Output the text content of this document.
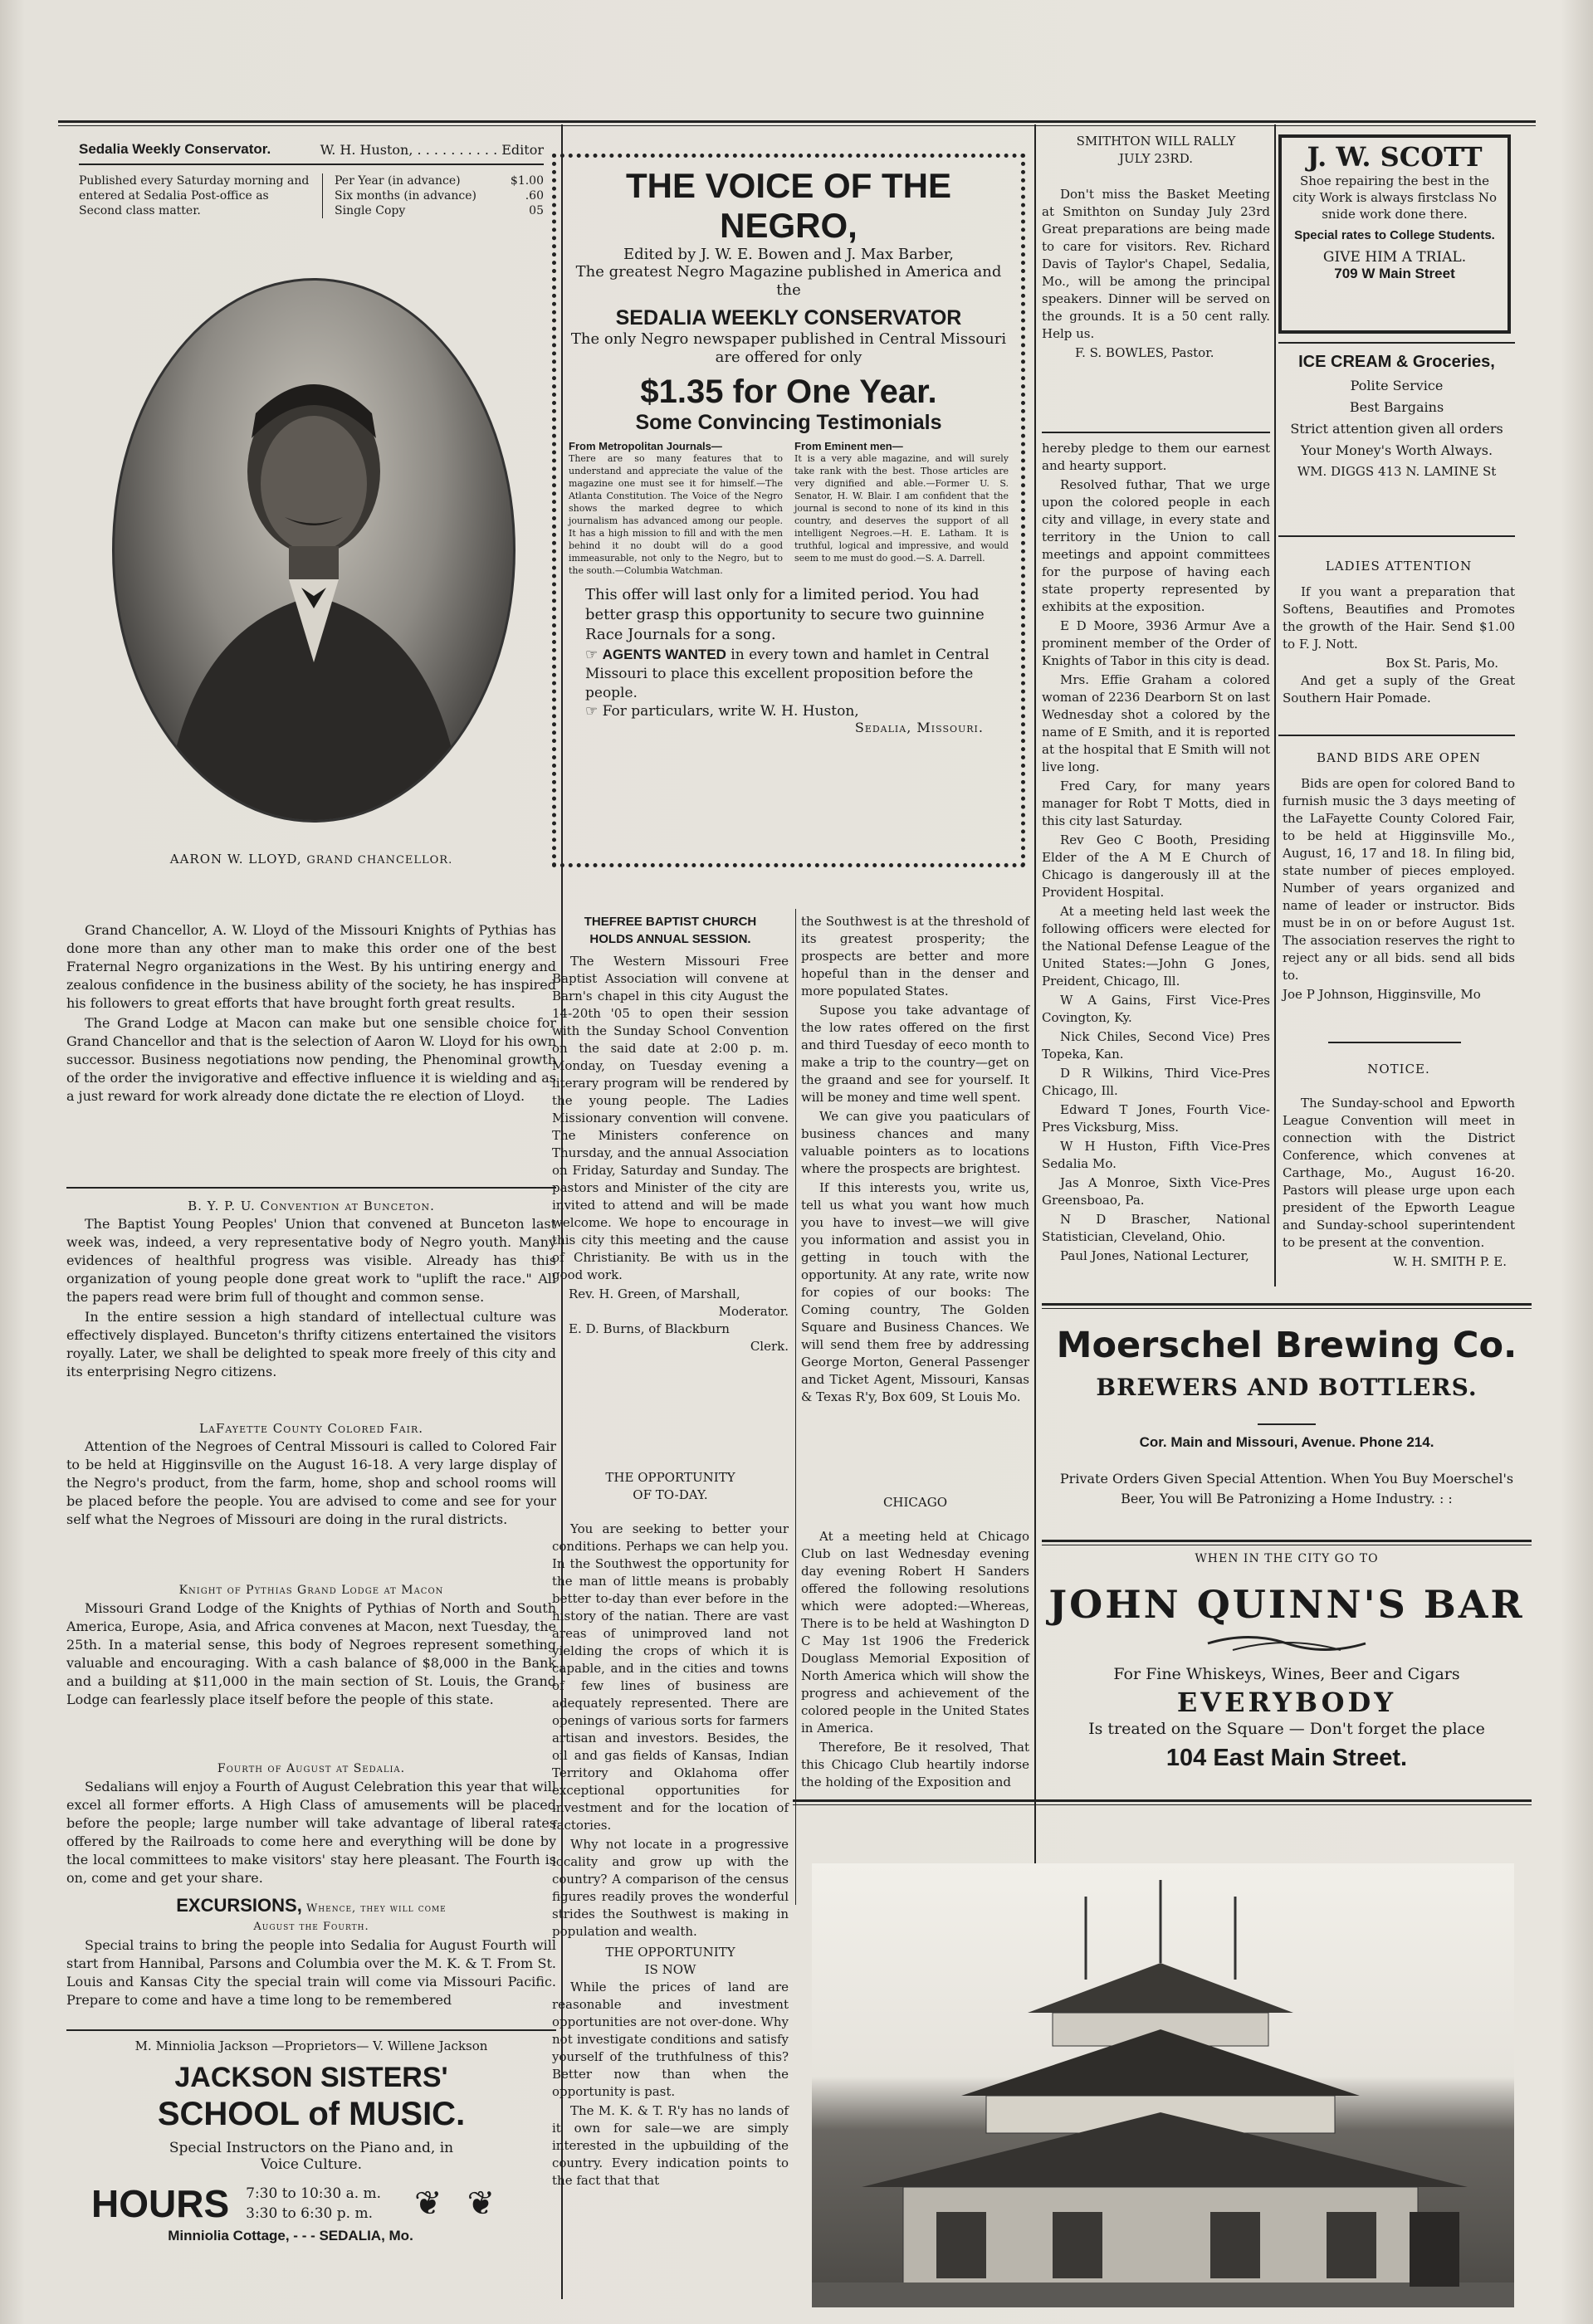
Sedalia Weekly Conservator.	W. H. Huston, . . . . . . . . . . Editor
Published every Saturday morning and entered at Sedalia Post-office as Second class matter.
Per Year (in advance)	$1.00
Six months (in advance)	.60
Single Copy	05
AARON W. LLOYD, GRAND CHANCELLOR.

Grand Chancellor, A. W. Lloyd of the Missouri Knights of Pythias has done more than any other man to make this order one of the best Fraternal Negro organizations in the West. By his untiring energy and zealous confidence in the business ability of the society, he has inspired his followers to great efforts that have brought forth great results.

The Grand Lodge at Macon can make but one sensible choice for Grand Chancellor and that is the selection of Aaron W. Lloyd for his own successor. Business negotiations now pending, the Phenominal growth of the order the invigorative and effective influence it is wielding and as a just reward for work already done dictate the re election of Lloyd.

B. Y. P. U. Convention at Bunceton.

The Baptist Young Peoples' Union that convened at Bunceton last week was, indeed, a very representative body of Negro youth. Many evidences of healthful progress was visible. Already has this organization of young people done great work to "uplift the race." All the papers read were brim full of thought and common sense.

In the entire session a high standard of intellectual culture was effectively displayed. Bunceton's thrifty citizens entertained the visitors royally. Later, we shall be delighted to speak more freely of this city and its enterprising Negro citizens.

LaFayette County Colored Fair.

Attention of the Negroes of Central Missouri is called to Colored Fair to be held at Higginsville on the August 16-18. A very large display of the Negro's product, from the farm, home, shop and school rooms will be placed before the people. You are advised to come and see for your self what the Negroes of Missouri are doing in the rural districts.

Knight of Pythias Grand Lodge at Macon

Missouri Grand Lodge of the Knights of Pythias of North and South America, Europe, Asia, and Africa convenes at Macon, next Tuesday, the 25th. In a material sense, this body of Negroes represent something valuable and encouraging. With a cash balance of $8,000 in the Bank and a building at $11,000 in the main section of St. Louis, the Grand Lodge can fearlessly place itself before the people of this state.

Fourth of August at Sedalia.

Sedalians will enjoy a Fourth of August Celebration this year that will excel all former efforts. A High Class of amusements will be placed before the people; large number will take advantage of liberal rates offered by the Railroads to come here and everything will be done by the local committees to make visitors' stay here pleasant. The Fourth is on, come and get your share.

EXCURSIONS, Whence, they will come
August the Fourth.

Special trains to bring the people into Sedalia for August Fourth will start from Hannibal, Parsons and Columbia over the M. K. & T. From St. Louis and Kansas City the special train will come via Missouri Pacific. Prepare to come and have a time long to be remembered

M. Minniolia Jackson —Proprietors— V. Willene Jackson
JACKSON SISTERS'
SCHOOL of MUSIC.
Special Instructors on the Piano and, in
Voice Culture.
HOURS 7:30 to 10:30 a. m.
3:30 to 6:30 p. m. ❦ ❦
Minniolia Cottage, - - - SEDALIA, Mo.
THE VOICE OF THE
NEGRO,
Edited by J. W. E. Bowen and J. Max Barber,
The greatest Negro Magazine published in America and the
SEDALIA WEEKLY CONSERVATOR
The only Negro newspaper published in Central Missouri are offered for only
$1.35 for One Year.
Some Convincing Testimonials
From Metropolitan Journals—
There are so many features that to understand and appreciate the value of the magazine one must see it for himself.—The Atlanta Constitution. The Voice of the Negro shows the marked degree to which journalism has advanced among our people. It has a high mission to fill and with the men behind it no doubt will do a good immeasurable, not only to the Negro, but to the south.—Columbia Watchman.
From Eminent men—
It is a very able magazine, and will surely take rank with the best. Those articles are very dignified and able.—Former U. S. Senator, H. W. Blair. I am confident that the journal is second to none of its kind in this country, and deserves the support of all intelligent Negroes.—H. E. Latham. It is truthful, logical and impressive, and would seem to me must do good.—S. A. Darrell.
This offer will last only for a limited period. You had better grasp this opportunity to secure two guinnine Race Journals for a song.
☞ AGENTS WANTED in every town and hamlet in Central Missouri to place this excellent proposition before the people.
☞ For particulars, write W. H. Huston,
Sedalia, Missouri.
THEFREE BAPTIST CHURCH
HOLDS ANNUAL SESSION.

The Western Missouri Free Baptist Association will convene at Barn's chapel in this city August the 14-20th '05 to open their session with the Sunday School Convention on the said date at 2:00 p. m. Monday, on Tuesday evening a literary program will be rendered by the young people. The Ladies Missionary convention will convene. The Ministers conference on Thursday, and the annual Association on Friday, Saturday and Sunday. The pastors and Minister of the city are invited to attend and will be made welcome. We hope to encourage in this city this meeting and the cause of Christianity. Be with us in the good work.

Rev. H. Green, of Marshall,
Moderator.
E. D. Burns, of Blackburn
Clerk.
THE OPPORTUNITY
OF TO-DAY.

You are seeking to better your conditions. Perhaps we can help you. In the Southwest the opportunity for the man of little means is probably better to-day than ever before in the history of the natian. There are vast areas of unimproved land not yielding the crops of which it is capable, and in the cities and towns of few lines of business are adequately represented. There are openings of various sorts for farmers artisan and investors. Besides, the oil and gas fields of Kansas, Indian Territory and Oklahoma offer exceptional opportunities for investment and for the location of factories.

Why not locate in a progressive locality and grow up with the country? A comparison of the census figures readily proves the wonderful strides the Southwest is making in population and wealth.

THE OPPORTUNITY
IS NOW

While the prices of land are reasonable and investment opportunities are not over-done. Why not investigate conditions and satisfy yourself of the truthfulness of this? Better now than when the opportunity is past.

The M. K. & T. R'y has no lands of it own for sale—we are simply interested in the upbuilding of the country. Every indication points to the fact that that

the Southwest is at the threshold of its greatest prosperity; the prospects are better and more hopeful than in the denser and more populated States.

Supose you take advantage of the low rates offered on the first and third Tuesday of eeco month to make a trip to the country—get on the graand and see for yourself. It will be money and time well spent.

We can give you paaticulars of business chances and many valuable pointers as to locations where the prospects are brightest.

If this interests you, write us, tell us what you want how much you have to invest—we will give you information and assist you in getting in touch with the opportunity. At any rate, write now for copies of our books: The Coming country, The Golden Square and Business Chances. We will send them free by addressing George Morton, General Passenger and Ticket Agent, Missouri, Kansas & Texas R'y, Box 609, St Louis Mo.

CHICAGO

At a meeting held at Chicago Club on last Wednesday evening day evening Robert H Sanders offered the following resolutions which were adopted:—Whereas, There is to be held at Washington D C May 1st 1906 the Frederick Douglass Memorial Exposition of North America which will show the progress and achievement of the colored people in the United States in America.

Therefore, Be it resolved, That this Chicago Club heartily indorse the holding of the Exposition and

SMITHTON WILL RALLY
JULY 23RD.

Don't miss the Basket Meeting at Smithton on Sunday July 23rd Great preparations are being made to care for visitors. Rev. Richard Davis of Taylor's Chapel, Sedalia, Mo., will be among the principal speakers. Dinner will be served on the grounds. It is a 50 cent rally. Help us.

F. S. BOWLES, Pastor.

hereby pledge to them our earnest and hearty support.

Resolved futhar, That we urge upon the colored people in each city and village, in every state and territory in the Union to call meetings and appoint committees for the purpose of having each state property represented by exhibits at the exposition.

E D Moore, 3936 Armur Ave a prominent member of the Order of Knights of Tabor in this city is dead.

Mrs. Effie Graham a colored woman of 2236 Dearborn St on last Wednesday shot a colored by the name of E Smith, and it is reported at the hospital that E Smith will not live long.

Fred Cary, for many years manager for Robt T Motts, died in this city last Saturday.

Rev Geo C Booth, Presiding Elder of the A M E Church of Chicago is dangerously ill at the Provident Hospital.

At a meeting held last week the following officers were elected for the National Defense League of the United States:—John G Jones, Preident, Chicago, Ill.

W A Gains, First Vice-Pres Covington, Ky.

Nick Chiles, Second Vice) Pres Topeka, Kan.

D R Wilkins, Third Vice-Pres Chicago, Ill.

Edward T Jones, Fourth Vice-Pres Vicksburg, Miss.

W H Huston, Fifth Vice-Pres Sedalia Mo.

Jas A Monroe, Sixth Vice-Pres Greensboao, Pa.

N D Brascher, National Statistician, Cleveland, Ohio.

Paul Jones, National Lecturer,

J. W. SCOTT
Shoe repairing the best in the city Work is always firstclass No snide work done there.
Special rates to College Students.
GIVE HIM A TRIAL.
709 W Main Street
ICE CREAM & Groceries,
Polite Service
Best Bargains
Strict attention given all orders
Your Money's Worth Always.
WM. DIGGS 413 N. LAMINE St
LADIES ATTENTION

If you want a preparation that Softens, Beautifies and Promotes the growth of the Hair. Send $1.00 to F. J. Nott.

Box St. Paris, Mo.

And get a suply of the Great Southern Hair Pomade.

BAND BIDS ARE OPEN

Bids are open for colored Band to furnish music the 3 days meeting of the LaFayette County Colored Fair, to be held at Higginsville Mo., August, 16, 17 and 18. In filing bid, state number of pieces employed. Number of years organized and name of leader or instructor. Bids must be in on or before August 1st. The association reserves the right to reject any or all bids. send all bids to.

Joe P Johnson, Higginsville, Mo
NOTICE.

The Sunday-school and Epworth League Convention will meet in connection with the District Conference, which convenes at Carthage, Mo., August 16-20. Pastors will please urge upon each president of the Epworth League and Sunday-school superintendent to be present at the convention.

W. H. SMITH P. E.
Moerschel Brewing Co.
BREWERS AND BOTTLERS.
Cor. Main and Missouri, Avenue. Phone 214.
Private Orders Given Special Attention. When You Buy Moerschel's Beer, You will Be Patronizing a Home Industry. : :
WHEN IN THE CITY GO TO
JOHN QUINN'S BAR
For Fine Whiskeys, Wines, Beer and Cigars
EVERYBODY
Is treated on the Square — Don't forget the place
104 East Main Street.
